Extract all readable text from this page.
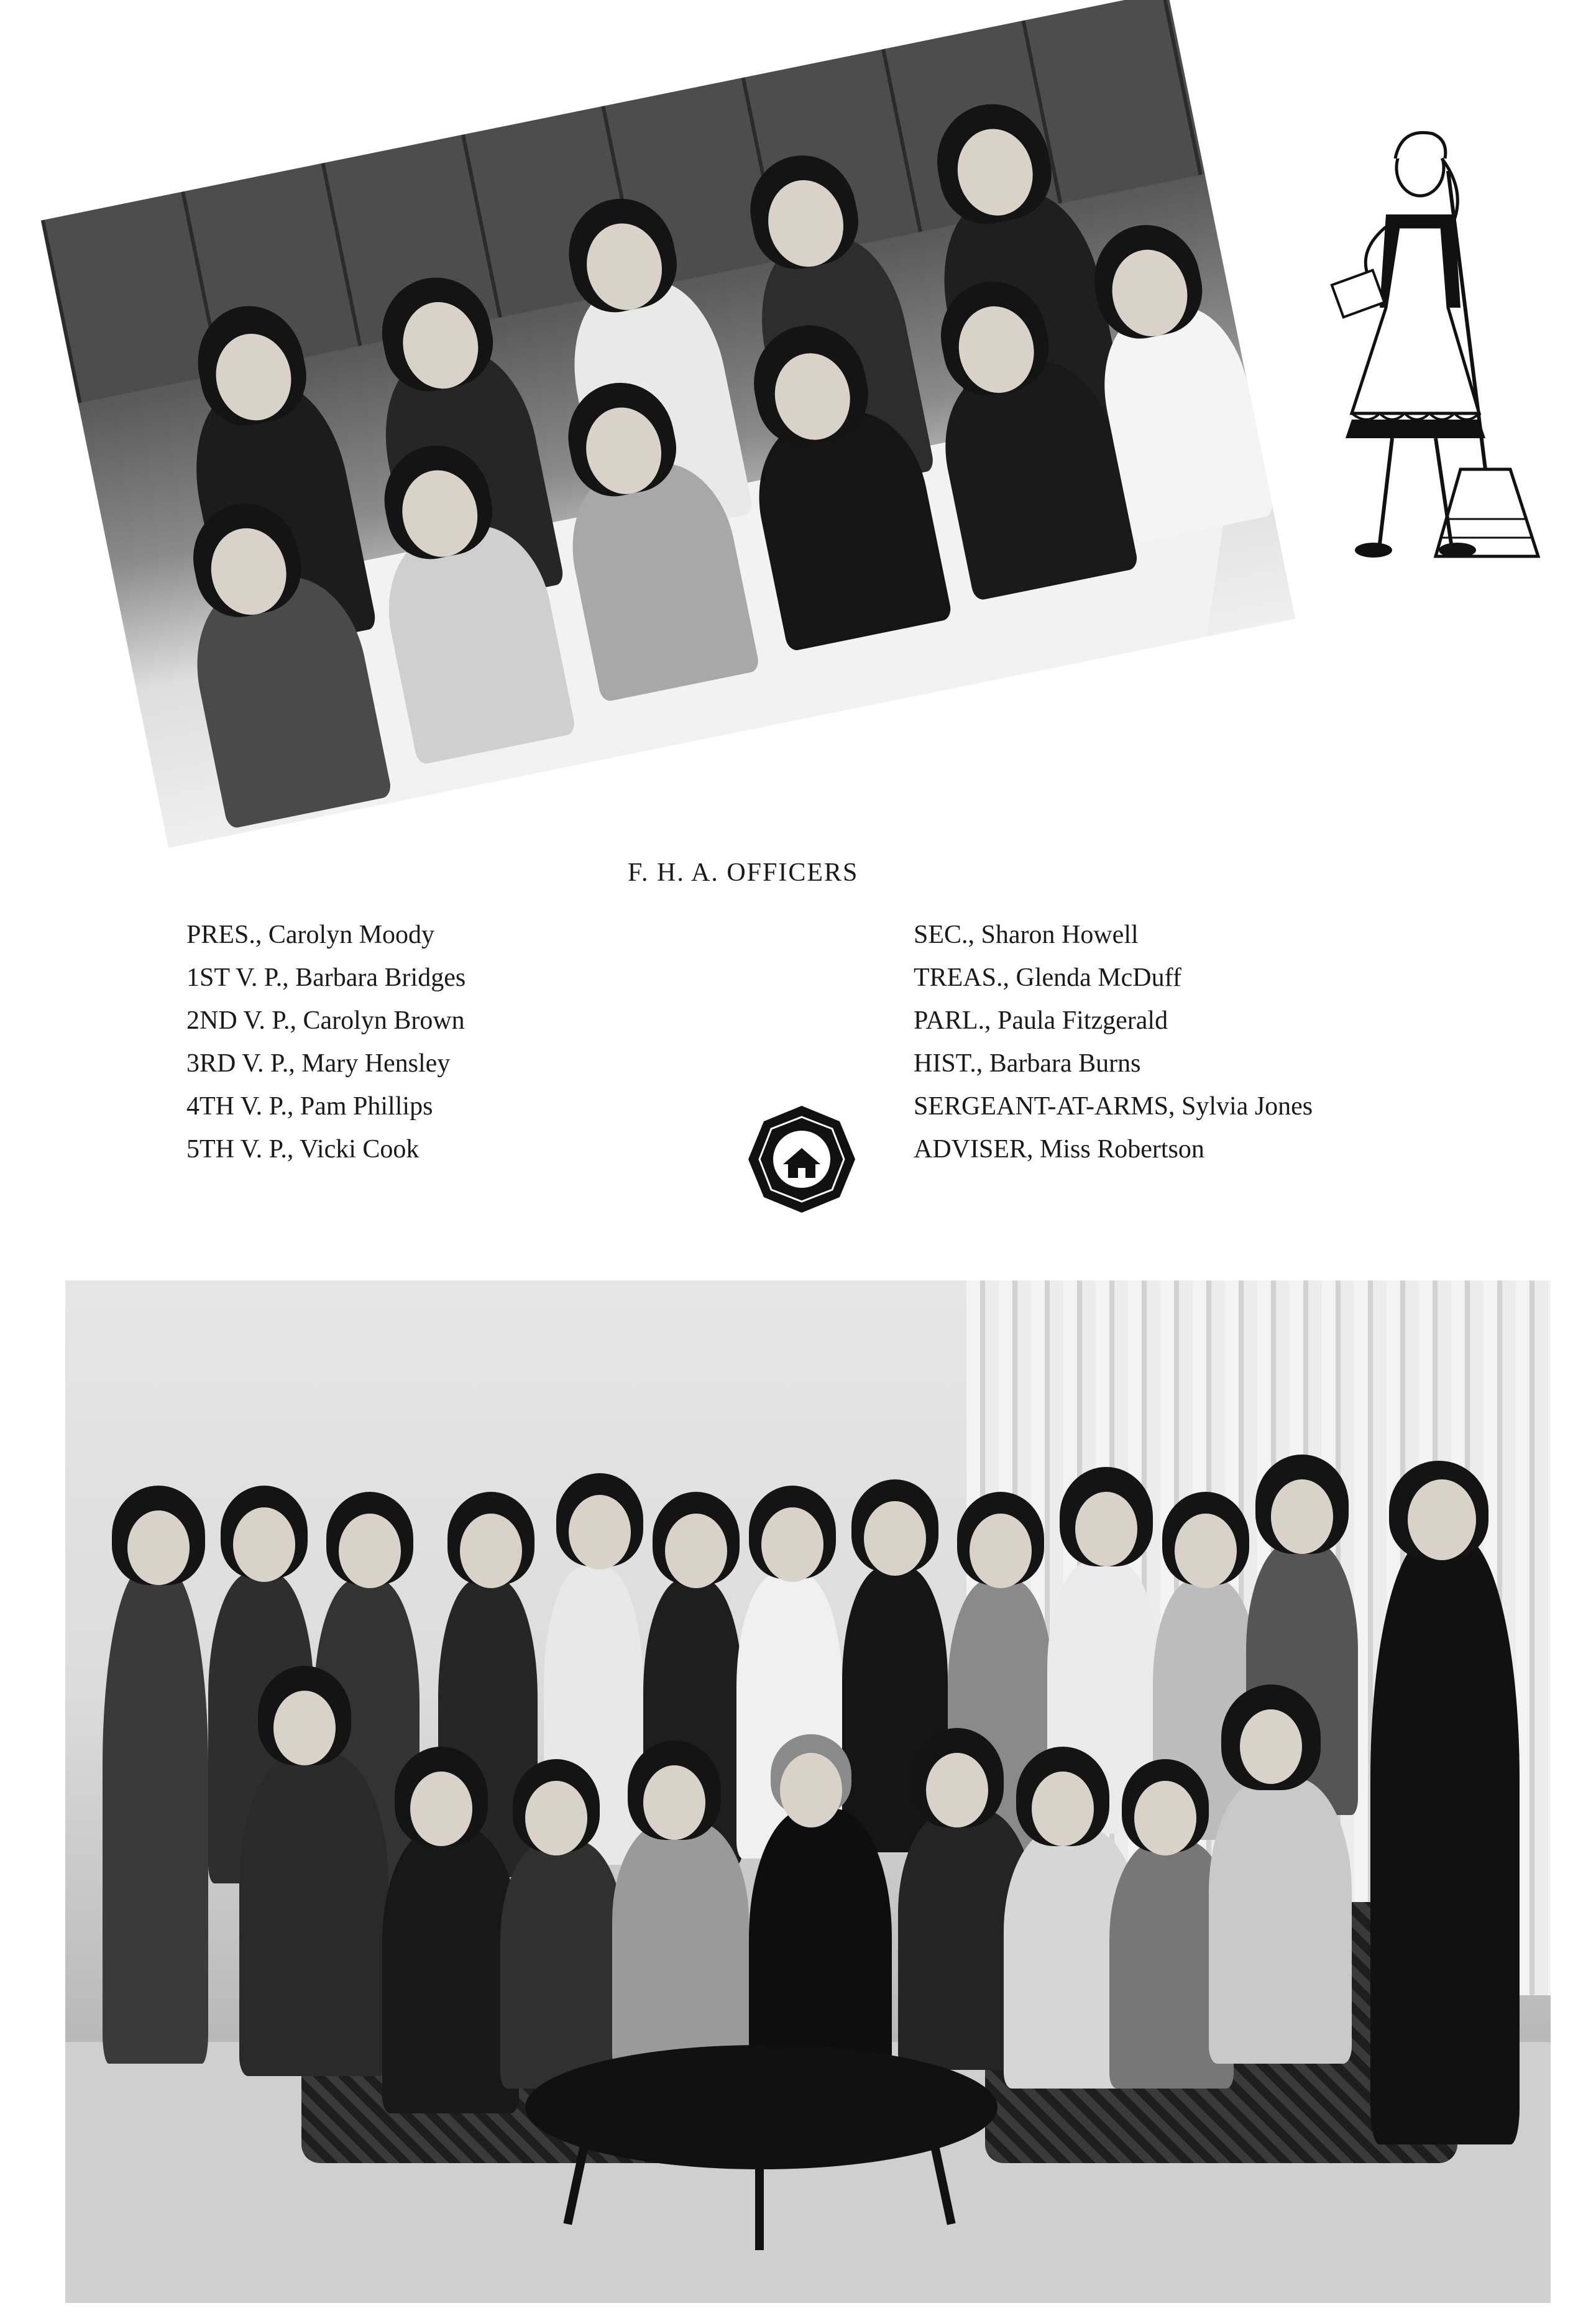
F. H. A. OFFICERS
PRES., Carolyn Moody
1ST V. P., Barbara Bridges
2ND V. P., Carolyn Brown
3RD V. P., Mary Hensley
4TH V. P., Pam Phillips
5TH V. P., Vicki Cook
SEC., Sharon Howell
TREAS., Glenda McDuff
PARL., Paula Fitzgerald
HIST., Barbara Burns
SERGEANT-AT-ARMS, Sylvia Jones
ADVISER, Miss Robertson
